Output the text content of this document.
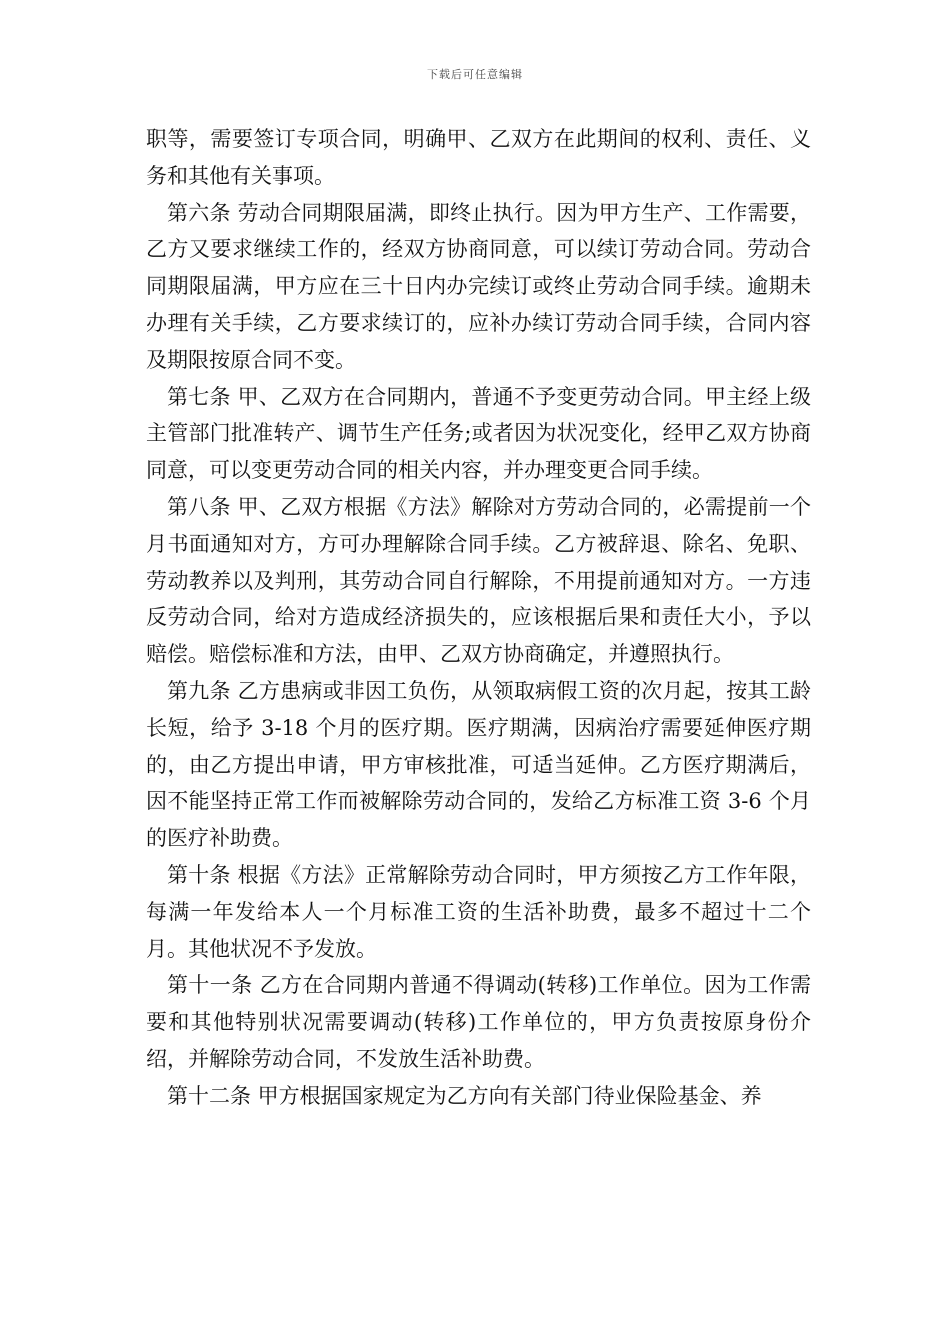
下载后可任意编辑

职等，需要签订专项合同，明确甲、乙双方在此期间的权利、责任、义务和其他有关事项。

第六条 劳动合同期限届满，即终止执行。因为甲方生产、工作需要，乙方又要求继续工作的，经双方协商同意，可以续订劳动合同。劳动合同期限届满，甲方应在三十日内办完续订或终止劳动合同手续。逾期未办理有关手续，乙方要求续订的，应补办续订劳动合同手续，合同内容及期限按原合同不变。

第七条 甲、乙双方在合同期内，普通不予变更劳动合同。甲主经上级主管部门批准转产、调节生产任务;或者因为状况变化，经甲乙双方协商同意，可以变更劳动合同的相关内容，并办理变更合同手续。

第八条 甲、乙双方根据《方法》解除对方劳动合同的，必需提前一个月书面通知对方，方可办理解除合同手续。乙方被辞退、除名、免职、劳动教养以及判刑，其劳动合同自行解除，不用提前通知对方。一方违反劳动合同，给对方造成经济损失的，应该根据后果和责任大小，予以赔偿。赔偿标准和方法，由甲、乙双方协商确定，并遵照执行。

第九条 乙方患病或非因工负伤，从领取病假工资的次月起，按其工龄长短，给予 3-18 个月的医疗期。医疗期满，因病治疗需要延伸医疗期的，由乙方提出申请，甲方审核批准，可适当延伸。乙方医疗期满后，因不能坚持正常工作而被解除劳动合同的，发给乙方标准工资 3-6 个月的医疗补助费。

第十条 根据《方法》正常解除劳动合同时，甲方须按乙方工作年限，每满一年发给本人一个月标准工资的生活补助费，最多不超过十二个月。其他状况不予发放。

第十一条 乙方在合同期内普通不得调动(转移)工作单位。因为工作需要和其他特别状况需要调动(转移)工作单位的，甲方负责按原身份介绍，并解除劳动合同，不发放生活补助费。

第十二条 甲方根据国家规定为乙方向有关部门待业保险基金、养
